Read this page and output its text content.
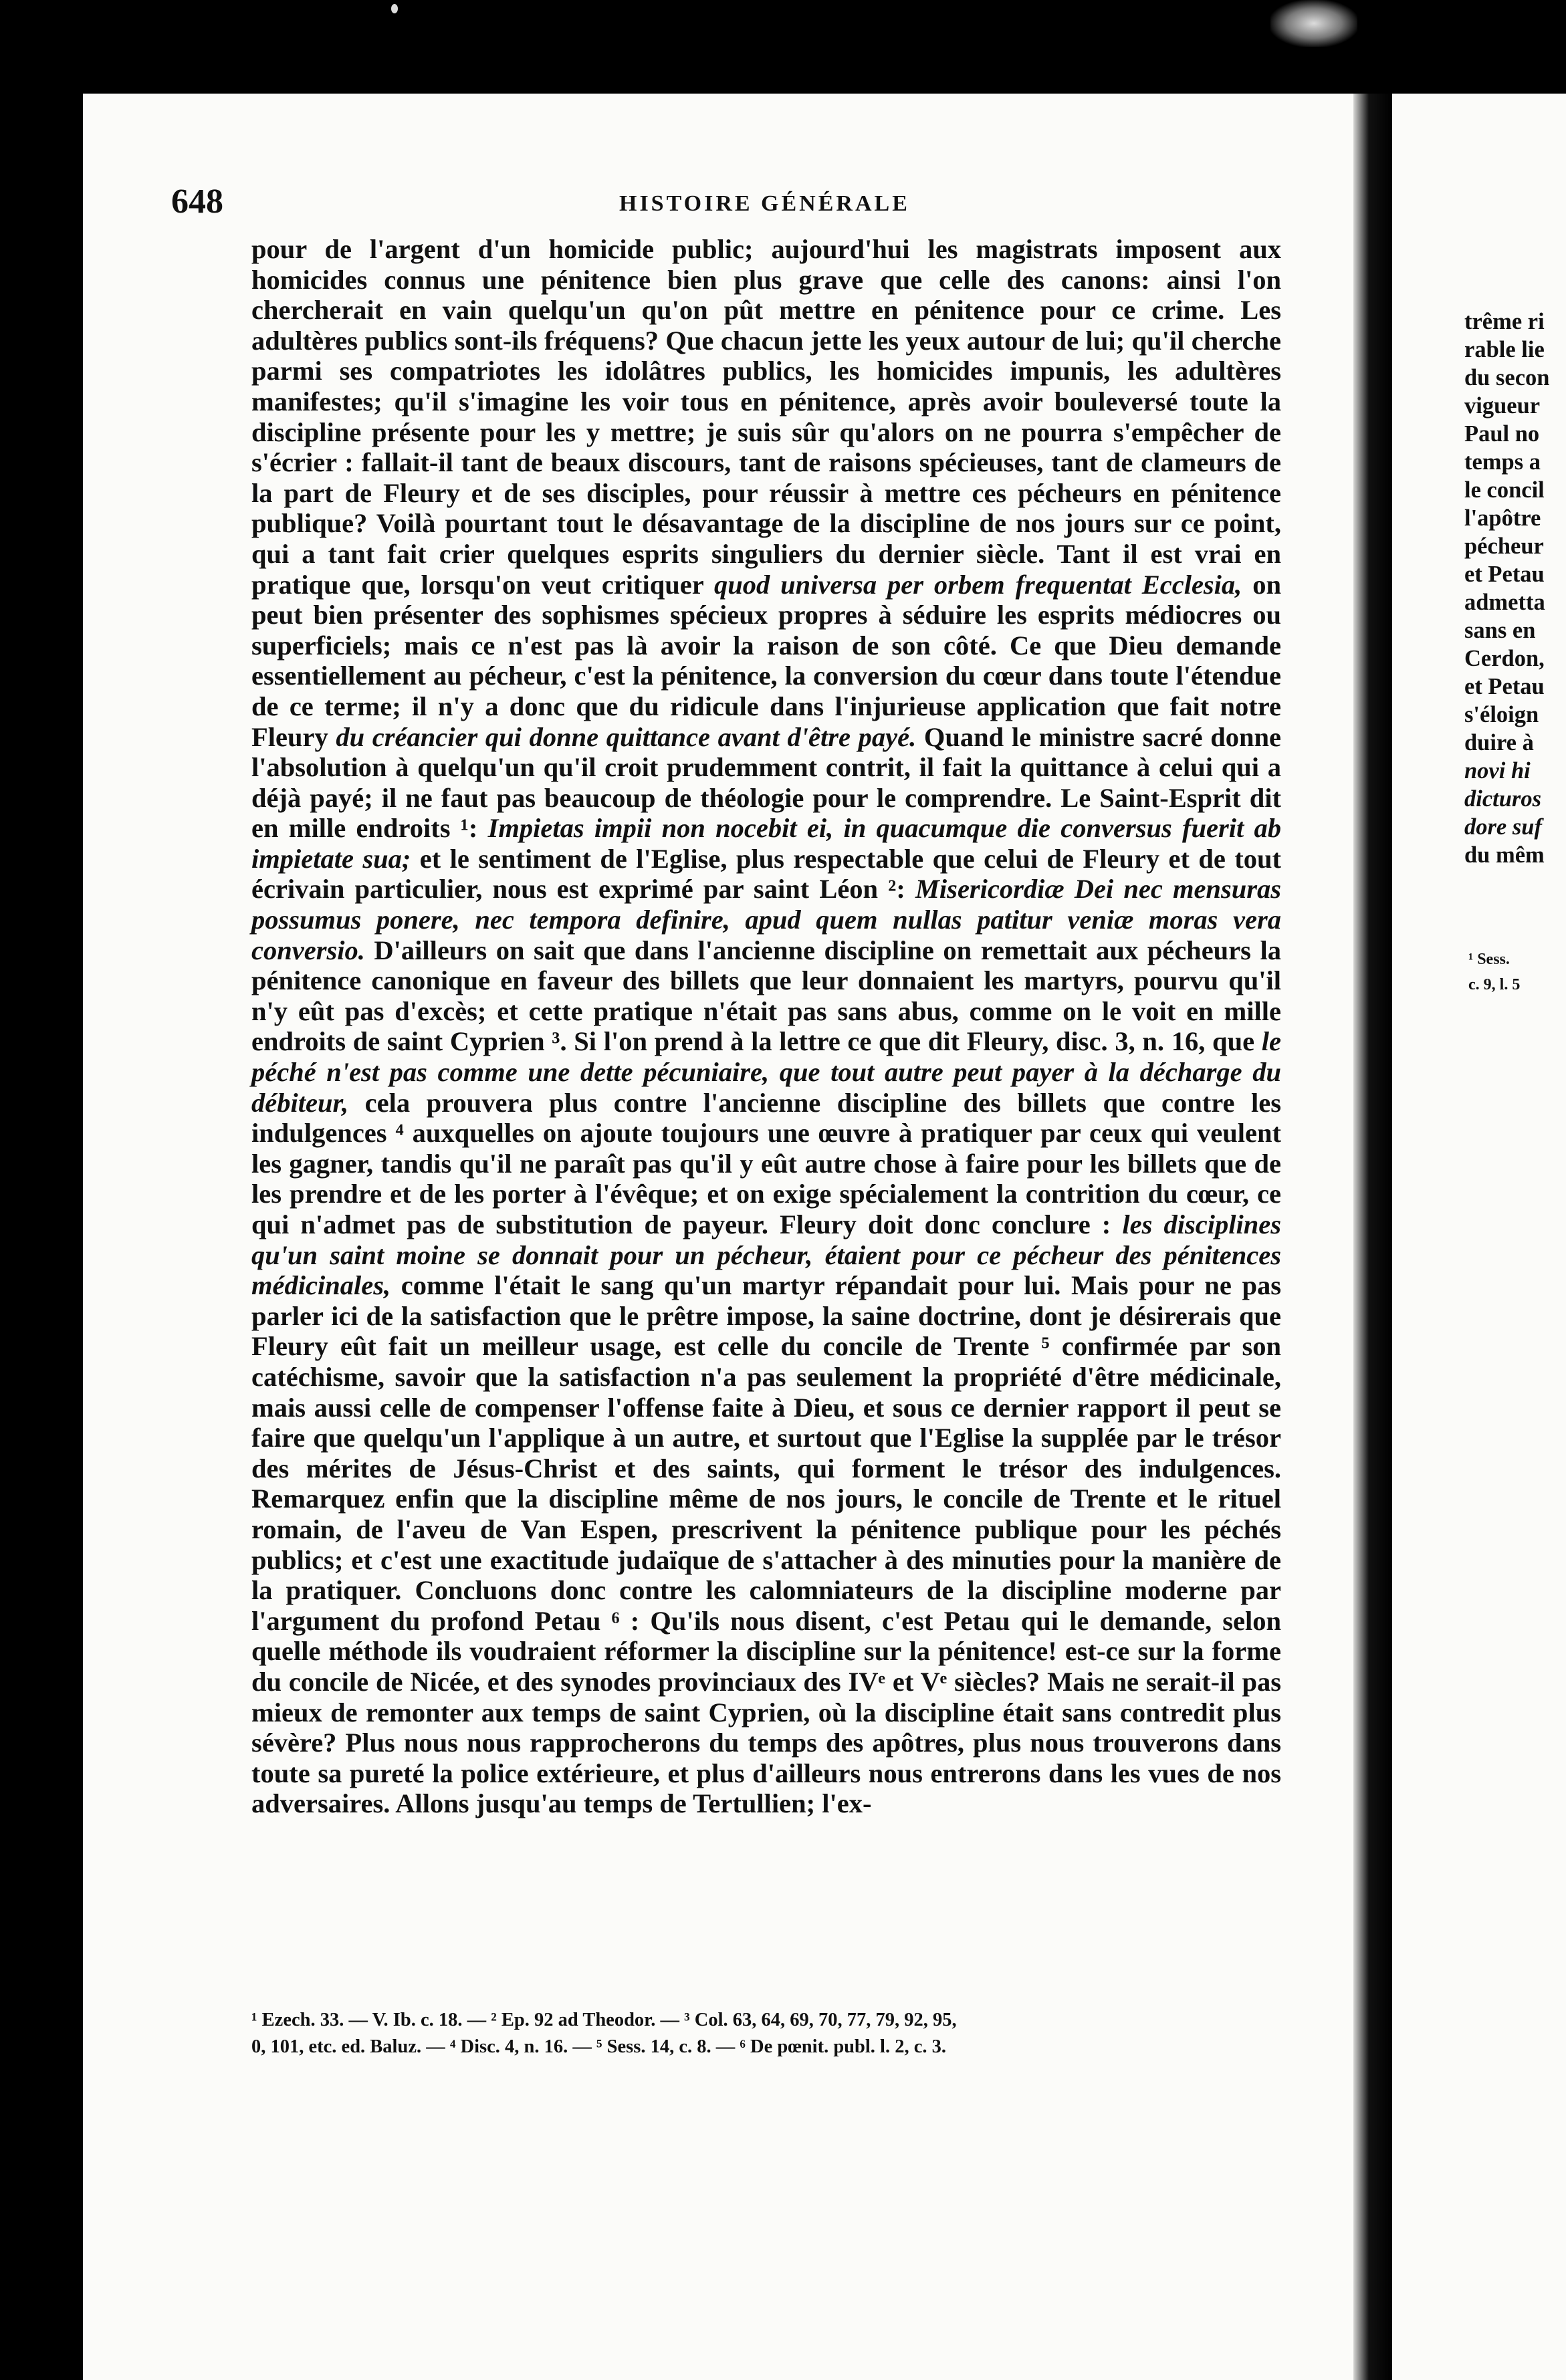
trême ri
rable lie
du secon
vigueur
Paul no
temps a
le concil
l'apôtre
pécheur
et Petau
admetta
sans en
Cerdon,
et Petau
s'éloign
duire à
novi hi
dicturos
dore suf
du mêm
¹ Sess.
c. 9, l. 5
648	HISTOIRE GÉNÉRALE

pour de l'argent d'un homicide public; aujourd'hui les magistrats imposent aux homicides connus une pénitence bien plus grave que celle des canons: ainsi l'on chercherait en vain quelqu'un qu'on pût mettre en pénitence pour ce crime. Les adultères publics sont-ils fréquens? Que chacun jette les yeux autour de lui; qu'il cherche parmi ses compatriotes les idolâtres publics, les homicides impunis, les adultères manifestes; qu'il s'imagine les voir tous en pénitence, après avoir bouleversé toute la discipline présente pour les y mettre; je suis sûr qu'alors on ne pourra s'empêcher de s'écrier : fallait-il tant de beaux discours, tant de raisons spécieuses, tant de clameurs de la part de Fleury et de ses disciples, pour réussir à mettre ces pécheurs en pénitence publique? Voilà pourtant tout le désavantage de la discipline de nos jours sur ce point, qui a tant fait crier quelques esprits singuliers du dernier siècle. Tant il est vrai en pratique que, lorsqu'on veut critiquer quod universa per orbem frequentat Ecclesia, on peut bien présenter des sophismes spécieux propres à séduire les esprits médiocres ou superficiels; mais ce n'est pas là avoir la raison de son côté. Ce que Dieu demande essentiellement au pécheur, c'est la pénitence, la conversion du cœur dans toute l'étendue de ce terme; il n'y a donc que du ridicule dans l'injurieuse application que fait notre Fleury du créancier qui donne quittance avant d'être payé. Quand le ministre sacré donne l'absolution à quelqu'un qu'il croit prudemment contrit, il fait la quittance à celui qui a déjà payé; il ne faut pas beaucoup de théologie pour le comprendre. Le Saint-Esprit dit en mille endroits ¹: Impietas impii non nocebit ei, in quacumque die conversus fuerit ab impietate sua; et le sentiment de l'Eglise, plus respectable que celui de Fleury et de tout écrivain particulier, nous est exprimé par saint Léon ²: Misericordiæ Dei nec mensuras possumus ponere, nec tempora definire, apud quem nullas patitur veniæ moras vera conversio. D'ailleurs on sait que dans l'ancienne discipline on remettait aux pécheurs la pénitence canonique en faveur des billets que leur donnaient les martyrs, pourvu qu'il n'y eût pas d'excès; et cette pratique n'était pas sans abus, comme on le voit en mille endroits de saint Cyprien ³. Si l'on prend à la lettre ce que dit Fleury, disc. 3, n. 16, que le péché n'est pas comme une dette pécuniaire, que tout autre peut payer à la décharge du débiteur, cela prouvera plus contre l'ancienne discipline des billets que contre les indulgences ⁴ auxquelles on ajoute toujours une œuvre à pratiquer par ceux qui veulent les gagner, tandis qu'il ne paraît pas qu'il y eût autre chose à faire pour les billets que de les prendre et de les porter à l'évêque; et on exige spécialement la contrition du cœur, ce qui n'admet pas de substitution de payeur. Fleury doit donc conclure : les disciplines qu'un saint moine se donnait pour un pécheur, étaient pour ce pécheur des pénitences médicinales, comme l'était le sang qu'un martyr répandait pour lui. Mais pour ne pas parler ici de la satisfaction que le prêtre impose, la saine doctrine, dont je désirerais que Fleury eût fait un meilleur usage, est celle du concile de Trente ⁵ confirmée par son catéchisme, savoir que la satisfaction n'a pas seulement la propriété d'être médicinale, mais aussi celle de compenser l'offense faite à Dieu, et sous ce dernier rapport il peut se faire que quelqu'un l'applique à un autre, et surtout que l'Eglise la supplée par le trésor des mérites de Jésus-Christ et des saints, qui forment le trésor des indulgences. Remarquez enfin que la discipline même de nos jours, le concile de Trente et le rituel romain, de l'aveu de Van Espen, prescrivent la pénitence publique pour les péchés publics; et c'est une exactitude judaïque de s'attacher à des minuties pour la manière de la pratiquer. Concluons donc contre les calomniateurs de la discipline moderne par l'argument du profond Petau ⁶ : Qu'ils nous disent, c'est Petau qui le demande, selon quelle méthode ils voudraient réformer la discipline sur la pénitence! est-ce sur la forme du concile de Nicée, et des synodes provinciaux des IVᵉ et Vᵉ siècles? Mais ne serait-il pas mieux de remonter aux temps de saint Cyprien, où la discipline était sans contredit plus sévère? Plus nous nous rapprocherons du temps des apôtres, plus nous trouverons dans toute sa pureté la police extérieure, et plus d'ailleurs nous entrerons dans les vues de nos adversaires. Allons jusqu'au temps de Tertullien; l'ex-

¹ Ezech. 33. — V. Ib. c. 18. — ² Ep. 92 ad Theodor. — ³ Col. 63, 64, 69, 70, 77, 79, 92, 95,
0, 101, etc. ed. Baluz. — ⁴ Disc. 4, n. 16. — ⁵ Sess. 14, c. 8. — ⁶ De pœnit. publ. l. 2, c. 3.
